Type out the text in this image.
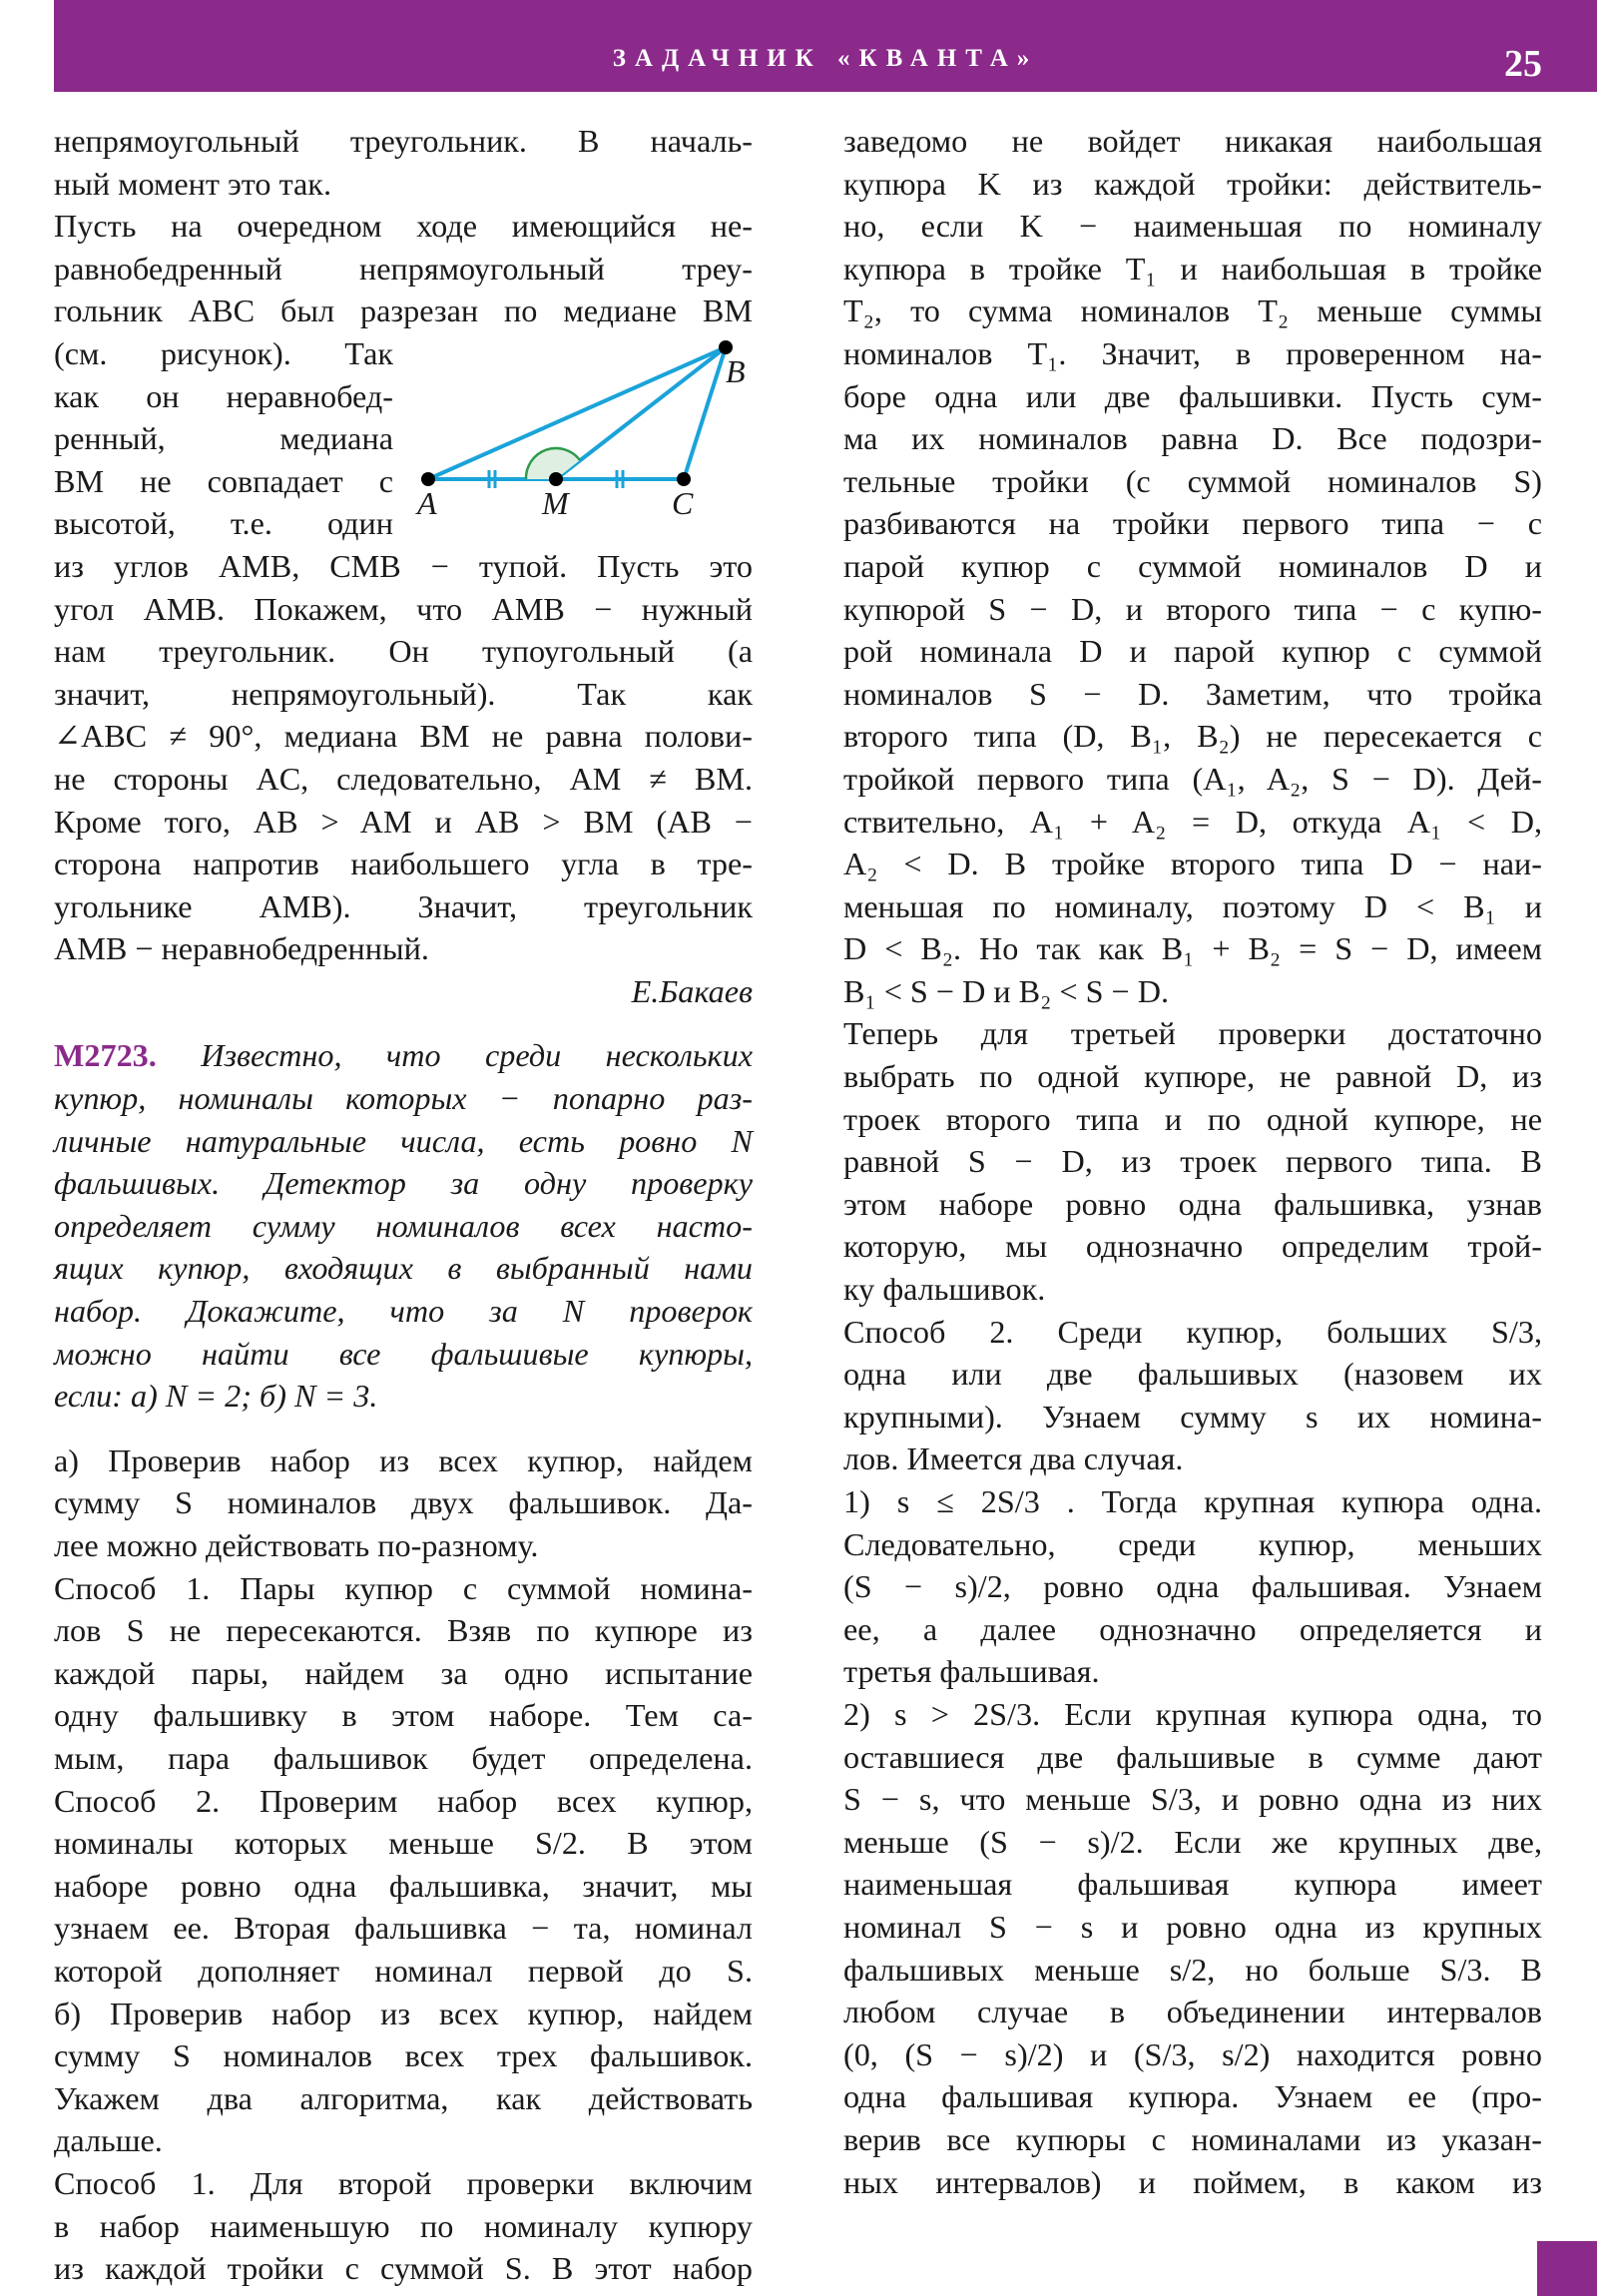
ЗАДАЧНИК «КВАНТА»	25
непрямоугольный треугольник. В началь-
ный момент это так.
Пусть на очередном ходе имеющийся не-
равнобедренный непрямоугольный треу-
гольник ABC был разрезан по медиане BM
(см. рисунок). Так
как он неравнобед-
ренный, медиана
BM не совпадает с
высотой, т.е. один
из углов AMB, CMB − тупой. Пусть это
угол AMB. Покажем, что AMB − нужный
нам треугольник. Он тупоугольный (а
значит, непрямоугольный). Так как
∠ABC ≠ 90°, медиана BM не равна полови-
не стороны AC, следовательно, AM ≠ BM.
Кроме того, AB > AM и AB > BM (AB −
сторона напротив наибольшего угла в тре-
угольнике AMB). Значит, треугольник
AMB − неравнобедренный.
Е.Бакаев
М2723. Известно, что среди нескольких
купюр, номиналы которых − попарно раз-
личные натуральные числа, есть ровно N
фальшивых. Детектор за одну проверку
определяет сумму номиналов всех насто-
ящих купюр, входящих в выбранный нами
набор. Докажите, что за N проверок
можно найти все фальшивые купюры,
если: а) N = 2; б) N = 3.
а) Проверив набор из всех купюр, найдем
сумму S номиналов двух фальшивок. Да-
лее можно действовать по-разному.
Способ 1. Пары купюр с суммой номина-
лов S не пересекаются. Взяв по купюре из
каждой пары, найдем за одно испытание
одну фальшивку в этом наборе. Тем са-
мым, пара фальшивок будет определена.
Способ 2. Проверим набор всех купюр,
номиналы которых меньше S/2. В этом
наборе ровно одна фальшивка, значит, мы
узнаем ее. Вторая фальшивка − та, номинал
которой дополняет номинал первой до S.
б) Проверив набор из всех купюр, найдем
сумму S номиналов всех трех фальшивок.
Укажем два алгоритма, как действовать
дальше.
Способ 1. Для второй проверки включим
в набор наименьшую по номиналу купюру
из каждой тройки с суммой S. В этот набор
A	M	C
B
заведомо не войдет никакая наибольшая
купюра K из каждой тройки: действитель-
но, если K − наименьшая по номиналу
купюра в тройке T₁ и наибольшая в тройке
T₂, то сумма номиналов T₂ меньше суммы
номиналов T₁. Значит, в проверенном на-
боре одна или две фальшивки. Пусть сум-
ма их номиналов равна D. Все подозри-
тельные тройки (с суммой номиналов S)
разбиваются на тройки первого типа − с
парой купюр с суммой номиналов D и
купюрой S − D, и второго типа − с купю-
рой номинала D и парой купюр с суммой
номиналов S − D. Заметим, что тройка
второго типа (D, B₁, B₂) не пересекается с
тройкой первого типа (A₁, A₂, S − D). Дей-
ствительно, A₁ + A₂ = D, откуда A₁ < D,
A₂ < D. В тройке второго типа D − наи-
меньшая по номиналу, поэтому D < B₁ и
D < B₂. Но так как B₁ + B₂ = S − D, имеем
B₁ < S − D и B₂ < S − D.
Теперь для третьей проверки достаточно
выбрать по одной купюре, не равной D, из
троек второго типа и по одной купюре, не
равной S − D, из троек первого типа. В
этом наборе ровно одна фальшивка, узнав
которую, мы однозначно определим трой-
ку фальшивок.
Способ 2. Среди купюр, больших S/3,
одна или две фальшивых (назовем их
крупными). Узнаем сумму s их номина-
лов. Имеется два случая.
1) s ≤ 2S/3 . Тогда крупная купюра одна.
Следовательно, среди купюр, меньших
(S − s)/2, ровно одна фальшивая. Узнаем
ее, а далее однозначно определяется и
третья фальшивая.
2) s > 2S/3. Если крупная купюра одна, то
оставшиеся две фальшивые в сумме дают
S − s, что меньше S/3, и ровно одна из них
меньше (S − s)/2. Если же крупных две,
наименьшая фальшивая купюра имеет
номинал S − s и ровно одна из крупных
фальшивых меньше s/2, но больше S/3. В
любом случае в объединении интервалов
(0, (S − s)/2) и (S/3, s/2) находится ровно
одна фальшивая купюра. Узнаем ее (про-
верив все купюры с номиналами из указан-
ных интервалов) и поймем, в каком из
